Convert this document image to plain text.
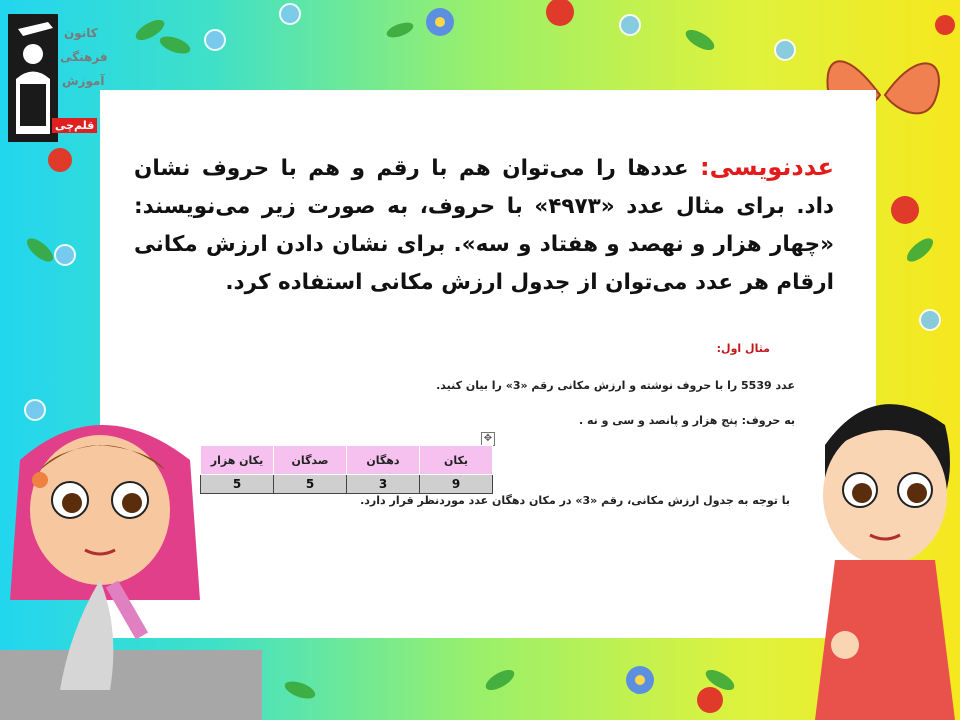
کانون
فرهنگی
آموزش
قلم‌چی
عددنویسی: عددها را می‌توان هم با رقم و هم با حروف نشان داد. برای مثال عدد «۴۹۷۳» با حروف، به صورت زیر می‌نویسند: «چهار هزار و نهصد و هفتاد و سه». برای نشان دادن ارزش مکانی ارقام هر عدد می‌توان از جدول ارزش مکانی استفاده کرد.
مثال اول:
عدد 5539 را با حروف نوشته و ارزش مکانی رقم «3» را بیان کنید.
به حروف: پنج هزار و پانصد و سی و نه .
✥
یکان	دهگان	صدگان	یکان هزار
9	3	5	5
با توجه به جدول ارزش مکانی، رقم «3» در مکان دهگان عدد موردنظر قرار دارد.
